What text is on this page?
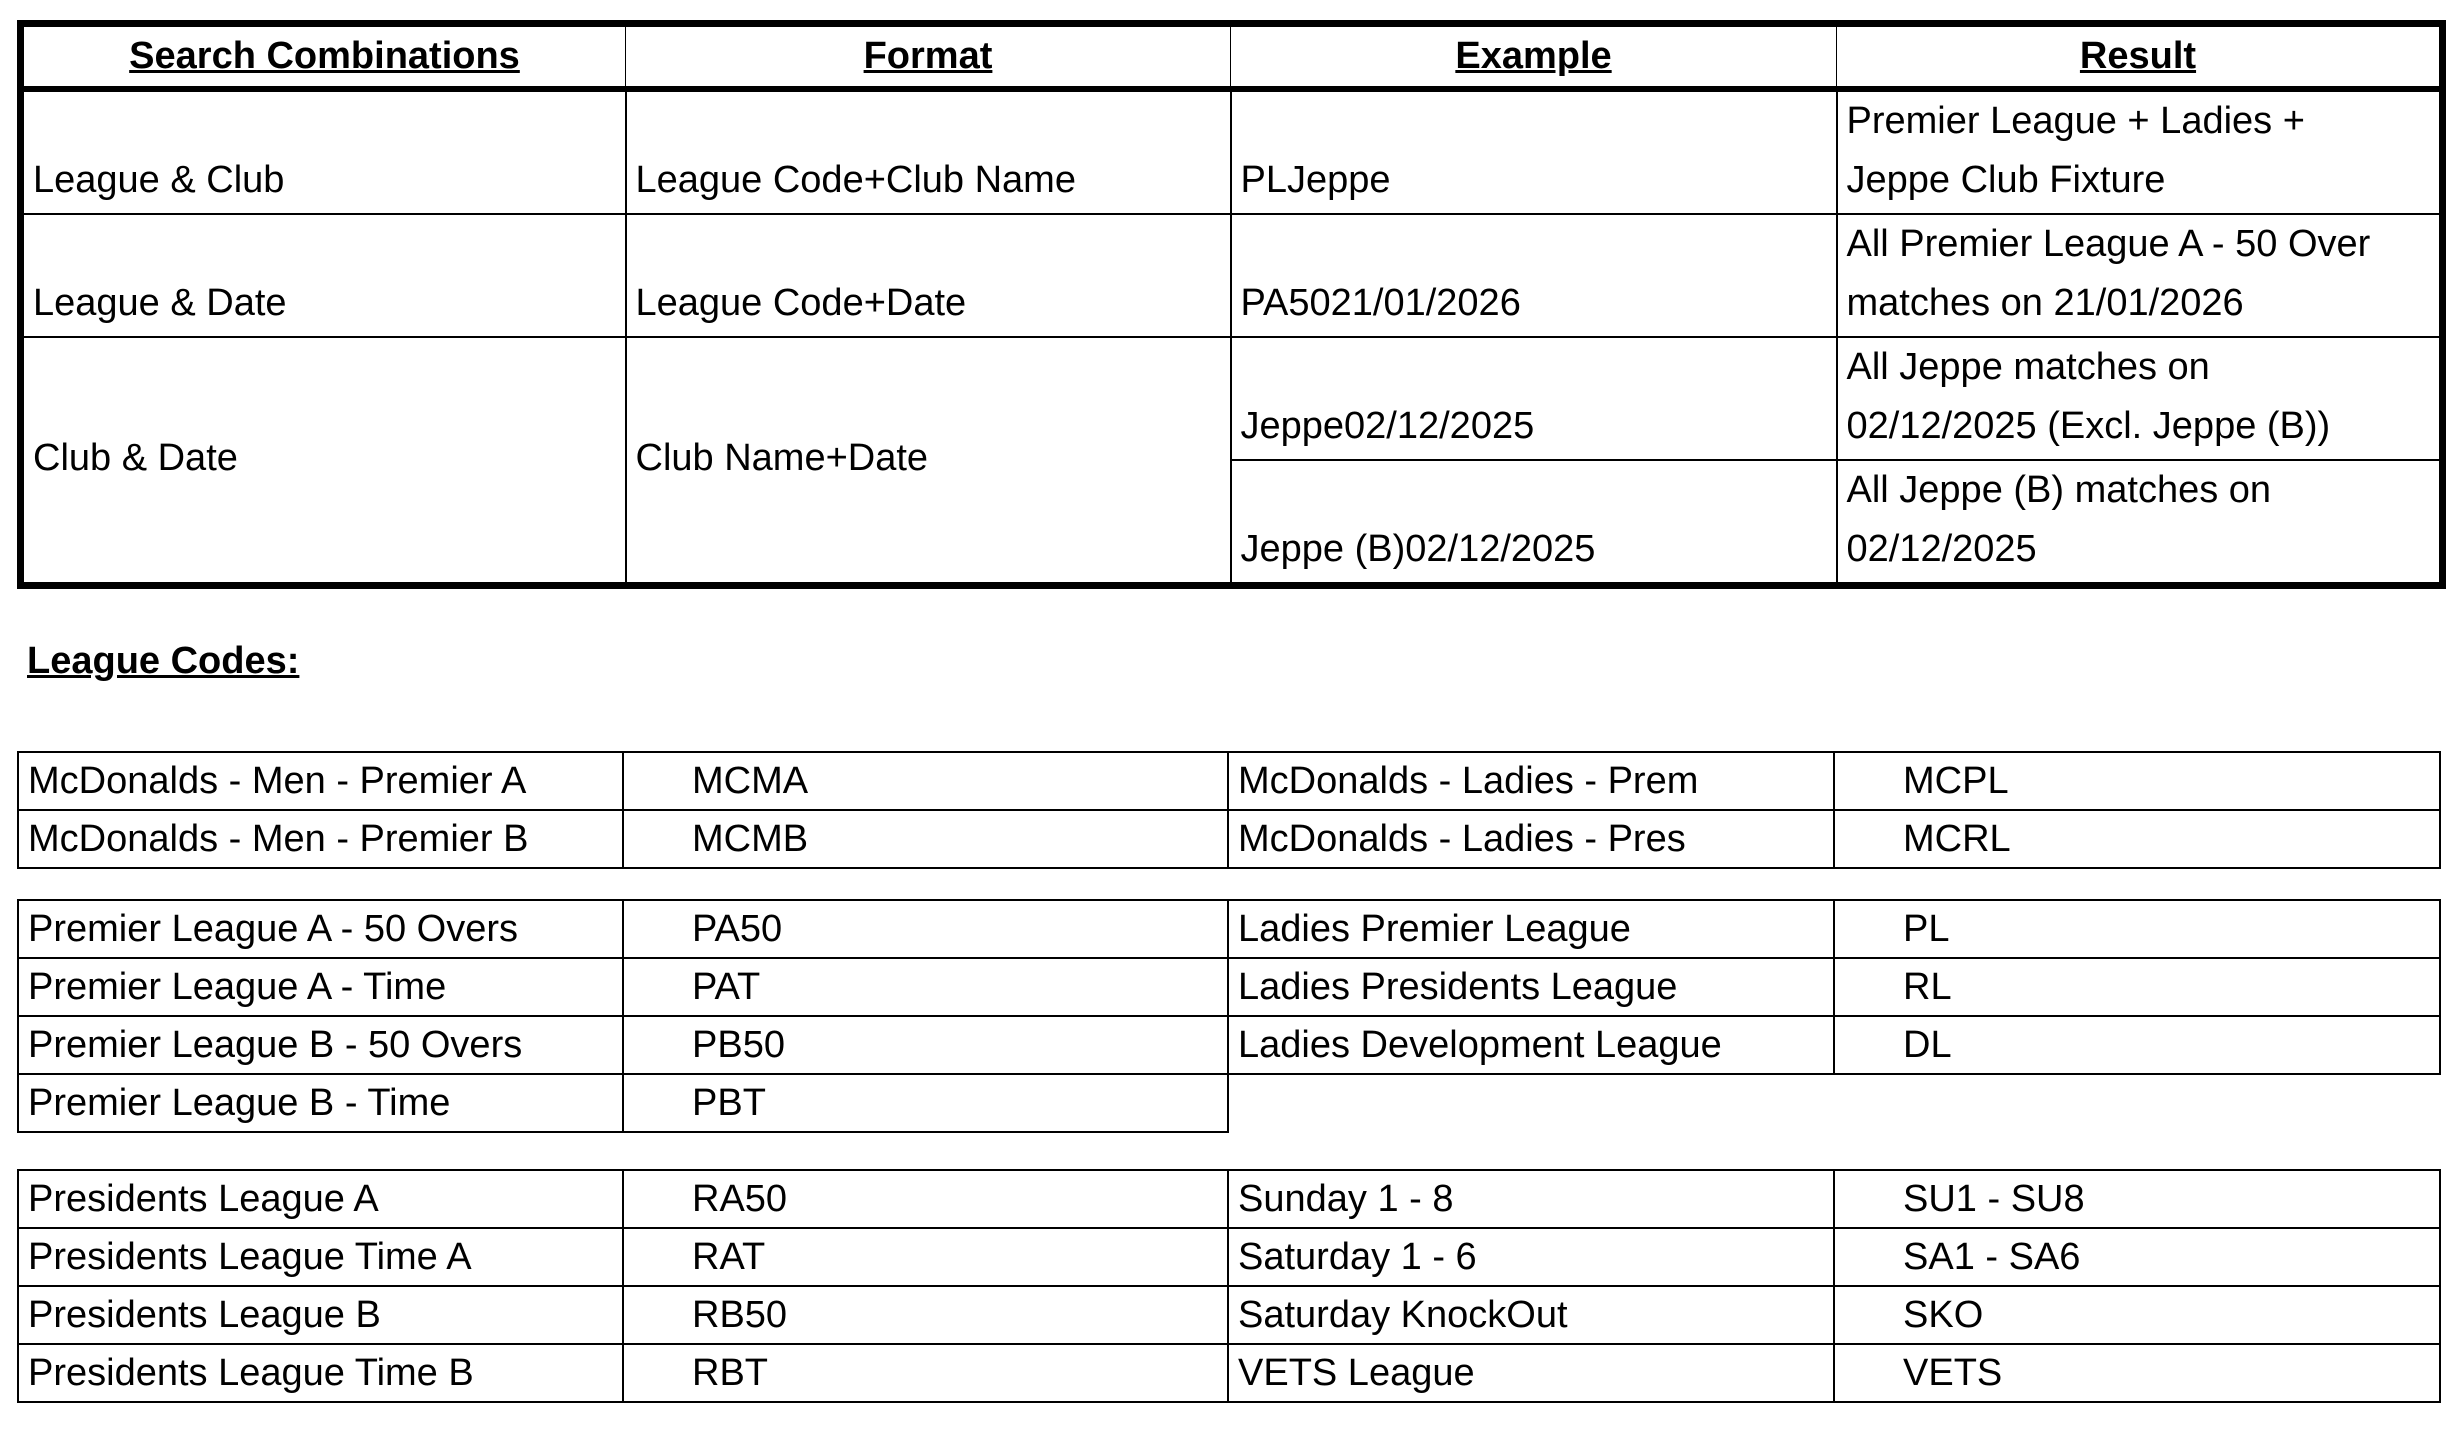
Search Combinations	Format	Example	Result
League & Club	League Code+Club Name	PLJeppe	Premier League + Ladies +
Jeppe Club Fixture

League & Date	League Code+Date	PA5021/01/2026	All Premier League A - 50 Over
matches on 21/01/2026

Club & Date	Club Name+Date	Jeppe02/12/2025	All Jeppe matches on
02/12/2025 (Excl. Jeppe (B))

		Jeppe (B)02/12/2025	All Jeppe (B) matches on
02/12/2025
League Codes:
McDonalds - Men - Premier A	MCMA	McDonalds - Ladies - Prem	MCPL
McDonalds - Men - Premier B	MCMB	McDonalds - Ladies - Pres	MCRL
Premier League A - 50 Overs	PA50	Ladies Premier League	PL
Premier League A - Time	PAT	Ladies Presidents League	RL
Premier League B - 50 Overs	PB50	Ladies Development League	DL
Premier League B - Time	PBT		
Presidents League A	RA50	Sunday 1 - 8	SU1 - SU8
Presidents League Time A	RAT	Saturday 1 - 6	SA1 - SA6
Presidents League B	RB50	Saturday KnockOut	SKO
Presidents League Time B	RBT	VETS League	VETS
